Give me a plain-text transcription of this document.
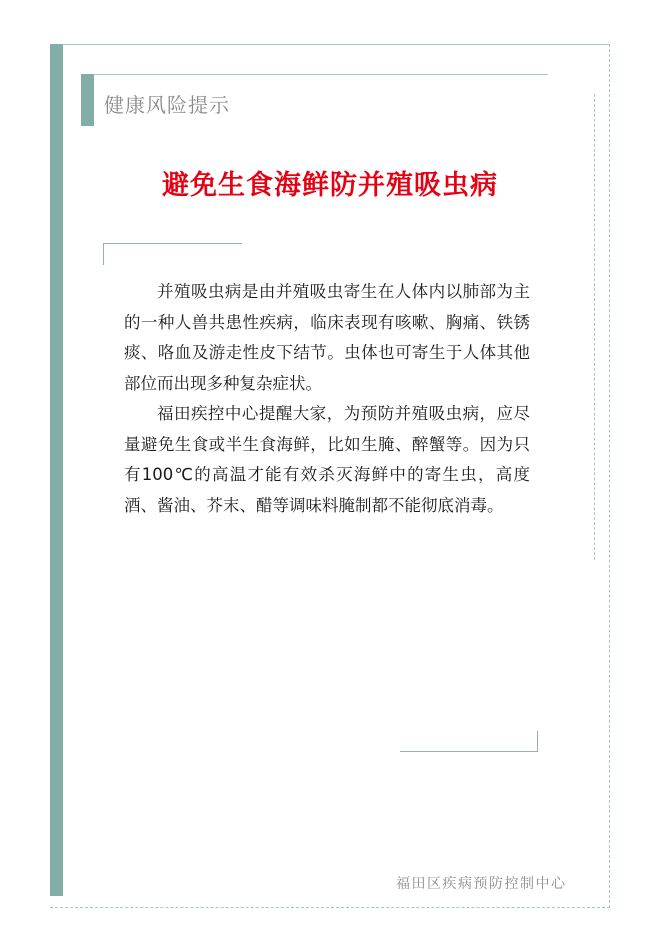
健康风险提示
避免生食海鲜防并殖吸虫病

并殖吸虫病是由并殖吸虫寄生在人体内以肺部为主的一种人兽共患性疾病，临床表现有咳嗽、胸痛、铁锈痰、咯血及游走性皮下结节。虫体也可寄生于人体其他部位而出现多种复杂症状。

福田疾控中心提醒大家，为预防并殖吸虫病，应尽量避免生食或半生食海鲜，比如生腌、醉蟹等。因为只有100℃的高温才能有效杀灭海鲜中的寄生虫，高度酒、酱油、芥末、醋等调味料腌制都不能彻底消毒。

福田区疾病预防控制中心
